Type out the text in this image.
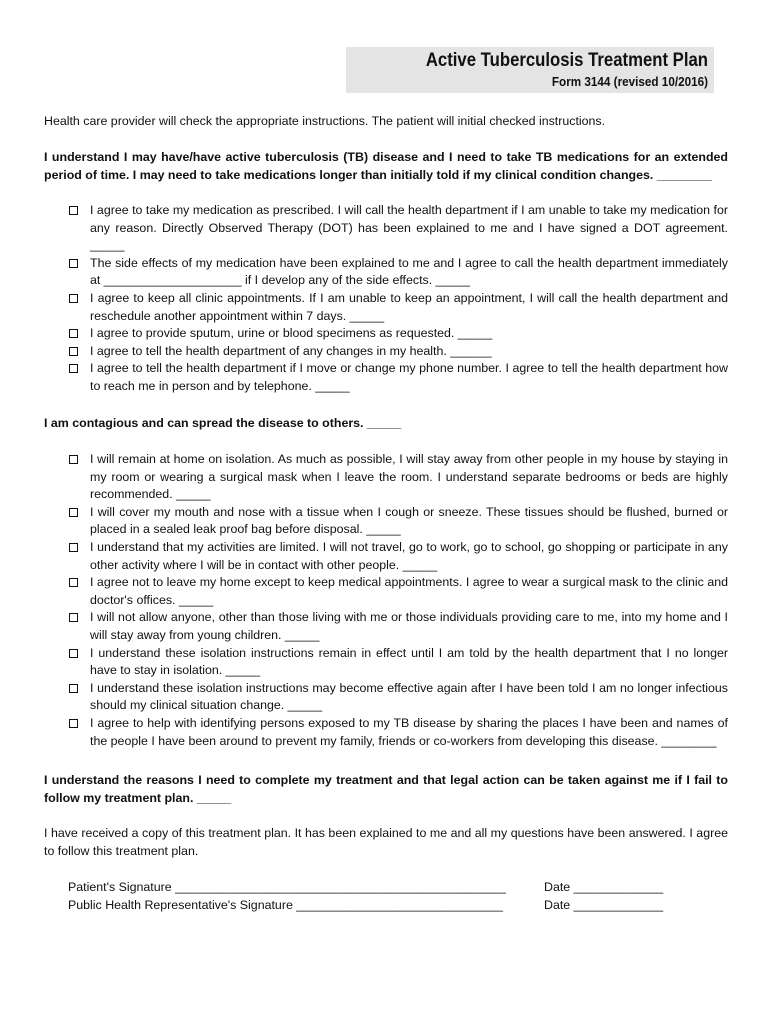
Active Tuberculosis Treatment Plan
Form 3144 (revised 10/2016)
Health care provider will check the appropriate instructions. The patient will initial checked instructions.
I understand I may have/have active tuberculosis (TB) disease and I need to take TB medications for an extended period of time. I may need to take medications longer than initially told if my clinical condition changes. ________
I agree to take my medication as prescribed. I will call the health department if I am unable to take my medication for any reason. Directly Observed Therapy (DOT) has been explained to me and I have signed a DOT agreement. _____
The side effects of my medication have been explained to me and I agree to call the health department immediately at ____________________ if I develop any of the side effects. _____
I agree to keep all clinic appointments. If I am unable to keep an appointment, I will call the health department and reschedule another appointment within 7 days. _____
I agree to provide sputum, urine or blood specimens as requested. _____
I agree to tell the health department of any changes in my health. ______
I agree to tell the health department if I move or change my phone number. I agree to tell the health department how to reach me in person and by telephone. _____
I am contagious and can spread the disease to others. _____
I will remain at home on isolation. As much as possible, I will stay away from other people in my house by staying in my room or wearing a surgical mask when I leave the room. I understand separate bedrooms or beds are highly recommended. _____
I will cover my mouth and nose with a tissue when I cough or sneeze. These tissues should be flushed, burned or placed in a sealed leak proof bag before disposal. _____
I understand that my activities are limited. I will not travel, go to work, go to school, go shopping or participate in any other activity where I will be in contact with other people. _____
I agree not to leave my home except to keep medical appointments. I agree to wear a surgical mask to the clinic and doctor's offices. _____
I will not allow anyone, other than those living with me or those individuals providing care to me, into my home and I will stay away from young children. _____
I understand these isolation instructions remain in effect until I am told by the health department that I no longer have to stay in isolation. _____
I understand these isolation instructions may become effective again after I have been told I am no longer infectious should my clinical situation change. _____
I agree to help with identifying persons exposed to my TB disease by sharing the places I have been and names of the people I have been around to prevent my family, friends or co-workers from developing this disease. ________
I understand the reasons I need to complete my treatment and that legal action can be taken against me if I fail to follow my treatment plan. _____
I have received a copy of this treatment plan. It has been explained to me and all my questions have been answered. I agree to follow this treatment plan.
Patient's Signature ________________________________________________	Date _____________
Public Health Representative's Signature ______________________________	Date _____________
